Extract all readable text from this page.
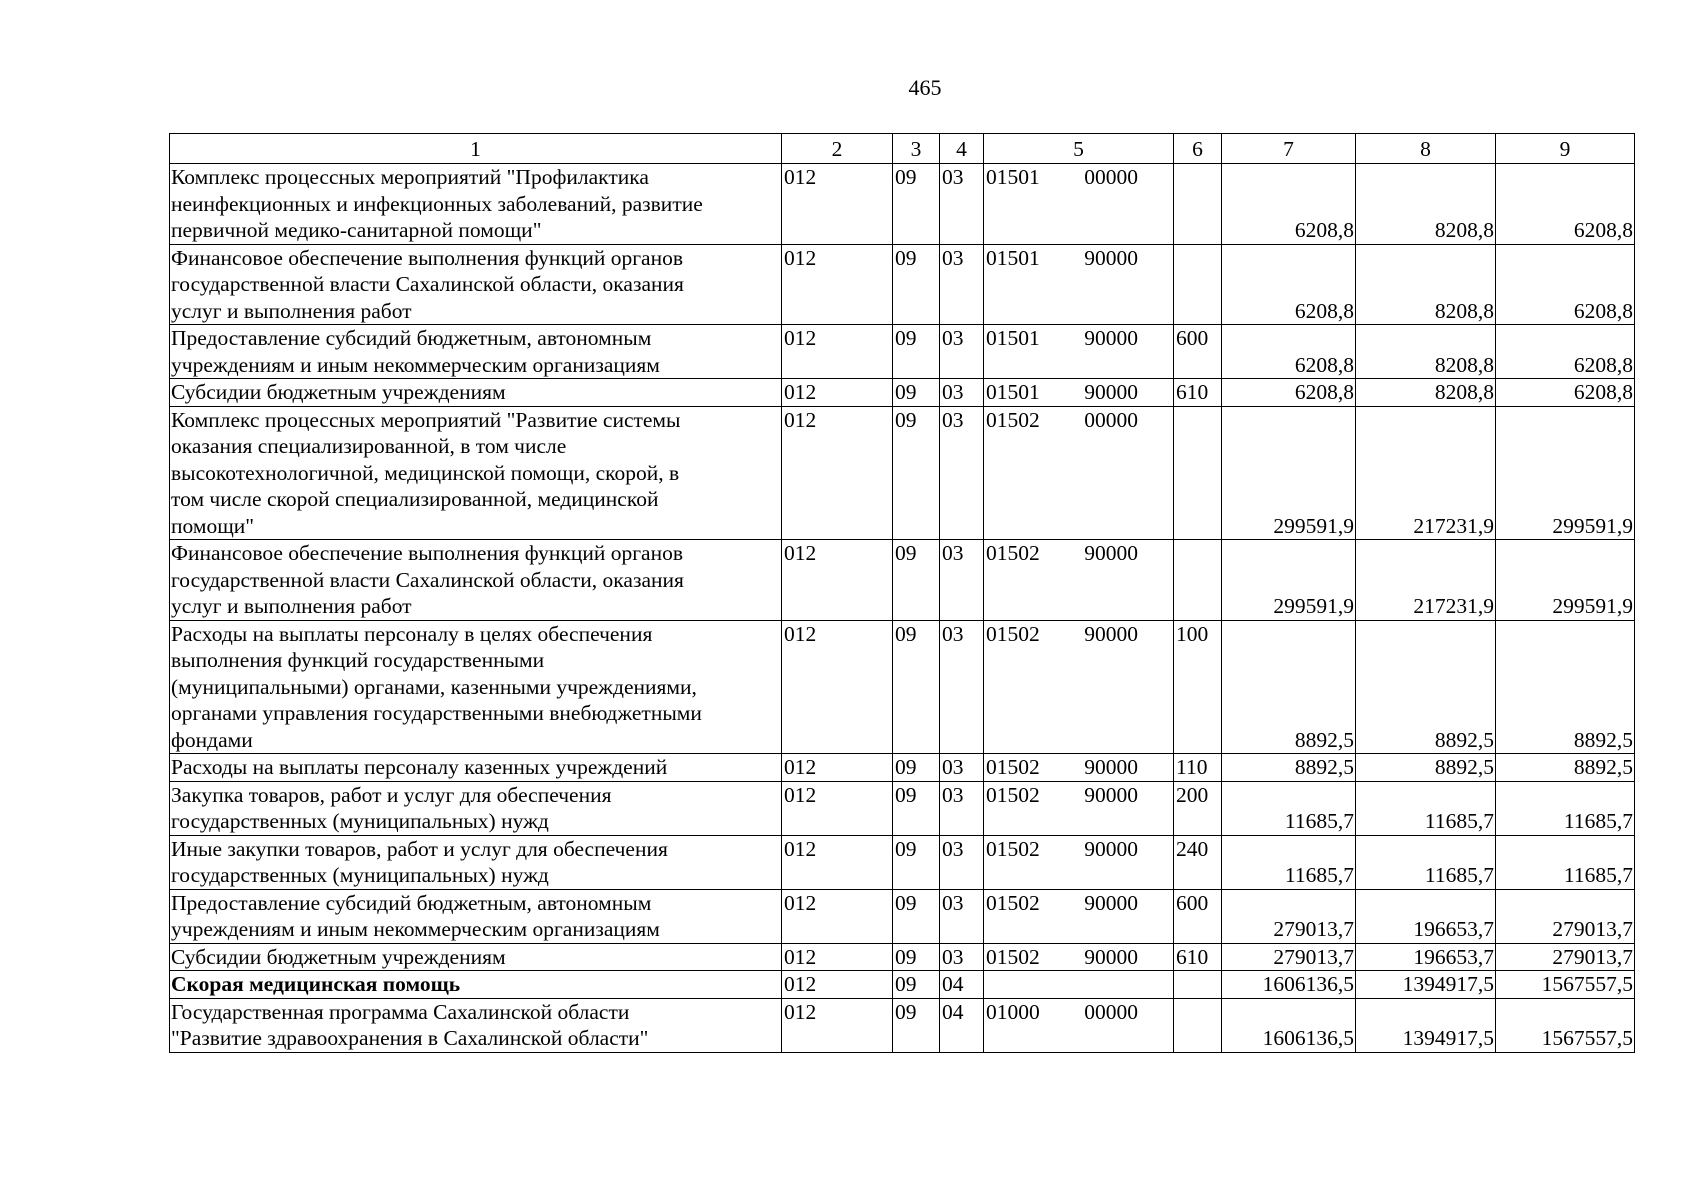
465
1	2	3	4	5	6	7	8	9

Комплекс процессных мероприятий "Профилактика
неинфекционных и инфекционных заболеваний, развитие
первичной медико-санитарной помощи"	012	09	03	01501 00000		6208,8	8208,8	6208,8

Финансовое обеспечение выполнения функций органов
государственной власти Сахалинской области, оказания
услуг и выполнения работ	012	09	03	01501 90000		6208,8	8208,8	6208,8

Предоставление субсидий бюджетным, автономным
учреждениям и иным некоммерческим организациям	012	09	03	01501 90000	600	6208,8	8208,8	6208,8

Субсидии бюджетным учреждениям	012	09	03	01501 90000	610	6208,8	8208,8	6208,8

Комплекс процессных мероприятий "Развитие системы
оказания специализированной, в том числе
высокотехнологичной, медицинской помощи, скорой, в
том числе скорой специализированной, медицинской
помощи"	012	09	03	01502 00000		299591,9	217231,9	299591,9

Финансовое обеспечение выполнения функций органов
государственной власти Сахалинской области, оказания
услуг и выполнения работ	012	09	03	01502 90000		299591,9	217231,9	299591,9

Расходы на выплаты персоналу в целях обеспечения
выполнения функций государственными
(муниципальными) органами, казенными учреждениями,
органами управления государственными внебюджетными
фондами	012	09	03	01502 90000	100	8892,5	8892,5	8892,5

Расходы на выплаты персоналу казенных учреждений	012	09	03	01502 90000	110	8892,5	8892,5	8892,5

Закупка товаров, работ и услуг для обеспечения
государственных (муниципальных) нужд	012	09	03	01502 90000	200	11685,7	11685,7	11685,7

Иные закупки товаров, работ и услуг для обеспечения
государственных (муниципальных) нужд	012	09	03	01502 90000	240	11685,7	11685,7	11685,7

Предоставление субсидий бюджетным, автономным
учреждениям и иным некоммерческим организациям	012	09	03	01502 90000	600	279013,7	196653,7	279013,7

Субсидии бюджетным учреждениям	012	09	03	01502 90000	610	279013,7	196653,7	279013,7

Скорая медицинская помощь	012	09	04			1606136,5	1394917,5	1567557,5

Государственная программа Сахалинской области
"Развитие здравоохранения в Сахалинской области"	012	09	04	01000 00000		1606136,5	1394917,5	1567557,5
